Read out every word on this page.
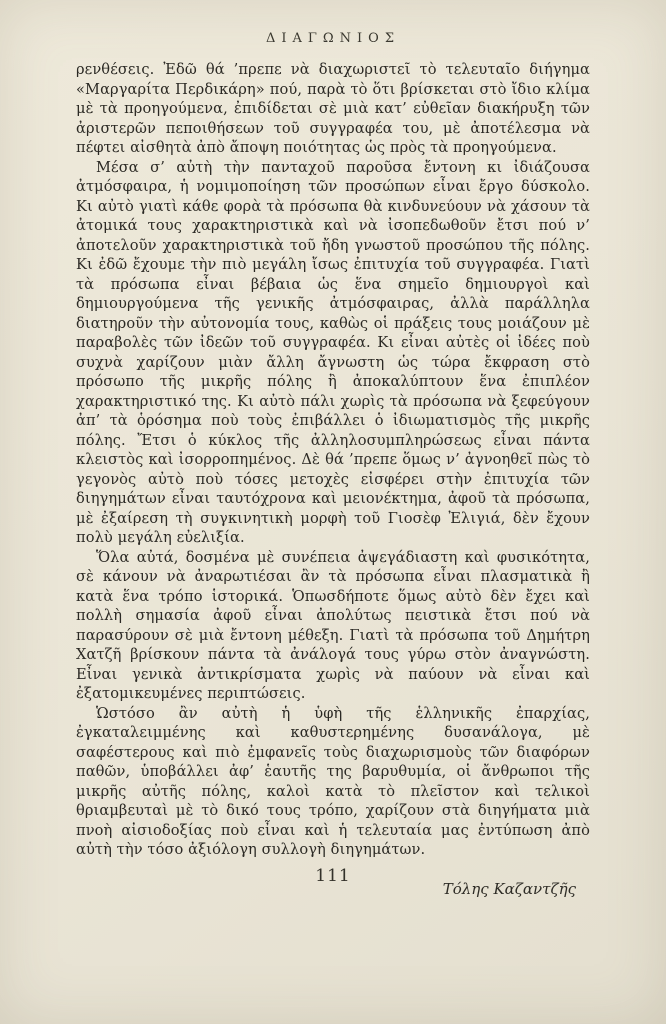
ΔΙΑΓΩΝΙΟΣ

ρενθέσεις. Ἐδῶ θά ’πρεπε νὰ διαχωριστεῖ τὸ τελευταῖο διήγημα «Μαργαρίτα Περδικάρη» πού, παρὰ τὸ ὅτι βρίσκεται στὸ ἴδιο κλίμα μὲ τὰ προηγούμενα, ἐπιδίδεται σὲ μιὰ κατ’ εὐθεῖαν διακήρυξη τῶν ἀριστερῶν πεποιθήσεων τοῦ συγγραφέα του, μὲ ἀποτέλεσμα νὰ πέφτει αἰσθητὰ ἀπὸ ἄποψη ποιότητας ὡς πρὸς τὰ προηγούμενα.

Μέσα σ’ αὐτὴ τὴν πανταχοῦ παροῦσα ἔντονη κι ἰδιάζουσα ἀτμόσφαιρα, ἡ νομιμοποίηση τῶν προσώπων εἶναι ἔργο δύσκολο. Κι αὐτὸ γιατὶ κάθε φορὰ τὰ πρόσωπα θὰ κινδυνεύουν νὰ χάσουν τὰ ἀτομικά τους χαρακτηριστικὰ καὶ νὰ ἰσοπεδωθοῦν ἔτσι πού ν’ ἀποτελοῦν χαρακτηριστικὰ τοῦ ἤδη γνωστοῦ προσώπου τῆς πόλης. Κι ἐδῶ ἔχουμε τὴν πιὸ μεγάλη ἴσως ἐπιτυχία τοῦ συγγραφέα. Γιατὶ τὰ πρόσωπα εἶναι βέβαια ὡς ἕνα σημεῖο δημιουργοὶ καὶ δημιουργούμενα τῆς γενικῆς ἀτμόσφαιρας, ἀλλὰ παράλληλα διατηροῦν τὴν αὐτονομία τους, καθὼς οἱ πράξεις τους μοιάζουν μὲ παραβολὲς τῶν ἰδεῶν τοῦ συγγραφέα. Κι εἶναι αὐτὲς οἱ ἰδέες ποὺ συχνὰ χαρίζουν μιὰν ἄλλη ἄγνωστη ὡς τώρα ἔκφραση στὸ πρόσωπο τῆς μικρῆς πόλης ἢ ἀποκαλύπτουν ἕνα ἐπιπλέον χαρακτηριστικό της. Κι αὐτὸ πάλι χωρὶς τὰ πρόσωπα νὰ ξεφεύγουν ἀπ’ τὰ ὁρόσημα ποὺ τοὺς ἐπιβάλλει ὁ ἰδιωματισμὸς τῆς μικρῆς πόλης. Ἔτσι ὁ κύκλος τῆς ἀλληλοσυμπληρώσεως εἶναι πάντα κλειστὸς καὶ ἰσορροπημένος. Δὲ θά ’πρεπε ὅμως ν’ ἀγνοηθεῖ πὼς τὸ γεγονὸς αὐτὸ ποὺ τόσες μετοχὲς εἰσφέρει στὴν ἐπιτυχία τῶν διηγημάτων εἶναι ταυτόχρονα καὶ μειονέκτημα, ἀφοῦ τὰ πρόσωπα, μὲ ἐξαίρεση τὴ συγκινητικὴ μορφὴ τοῦ Γιοσὲφ Ἐλιγιά, δὲν ἔχουν πολὺ μεγάλη εὐελιξία.

Ὅλα αὐτά, δοσμένα μὲ συνέπεια ἀψεγάδιαστη καὶ φυσικότητα, σὲ κάνουν νὰ ἀναρωτιέσαι ἂν τὰ πρόσωπα εἶναι πλασματικὰ ἢ κατὰ ἕνα τρόπο ἱστορικά. Ὁπωσδήποτε ὅμως αὐτὸ δὲν ἔχει καὶ πολλὴ σημασία ἀφοῦ εἶναι ἀπολύτως πειστικὰ ἔτσι πού νὰ παρασύρουν σὲ μιὰ ἔντονη μέθεξη. Γιατὶ τὰ πρόσωπα τοῦ Δημήτρη Χατζῆ βρίσκουν πάντα τὰ ἀνάλογά τους γύρω στὸν ἀναγνώστη. Εἶναι γενικὰ ἀντικρίσματα χωρὶς νὰ παύουν νὰ εἶναι καὶ ἐξατομικευμένες περιπτώσεις.

Ὡστόσο ἂν αὐτὴ ἡ ὑφὴ τῆς ἑλληνικῆς ἐπαρχίας, ἐγκαταλειμμένης καὶ καθυστερημένης δυσανάλογα, μὲ σαφέστερους καὶ πιὸ ἐμφανεῖς τοὺς διαχωρισμοὺς τῶν διαφόρων παθῶν, ὑποβάλλει ἀφ’ ἑαυτῆς της βαρυθυμία, οἱ ἄνθρωποι τῆς μικρῆς αὐτῆς πόλης, καλοὶ κατὰ τὸ πλεῖστον καὶ τελικοὶ θριαμβευταὶ μὲ τὸ δικό τους τρόπο, χαρίζουν στὰ διηγήματα μιὰ πνοὴ αἰσιοδοξίας ποὺ εἶναι καὶ ἡ τελευταία μας ἐντύπωση ἀπὸ αὐτὴ τὴν τόσο ἀξιόλογη συλλογὴ διηγημάτων.

Τόλης Καζαντζῆς
111
